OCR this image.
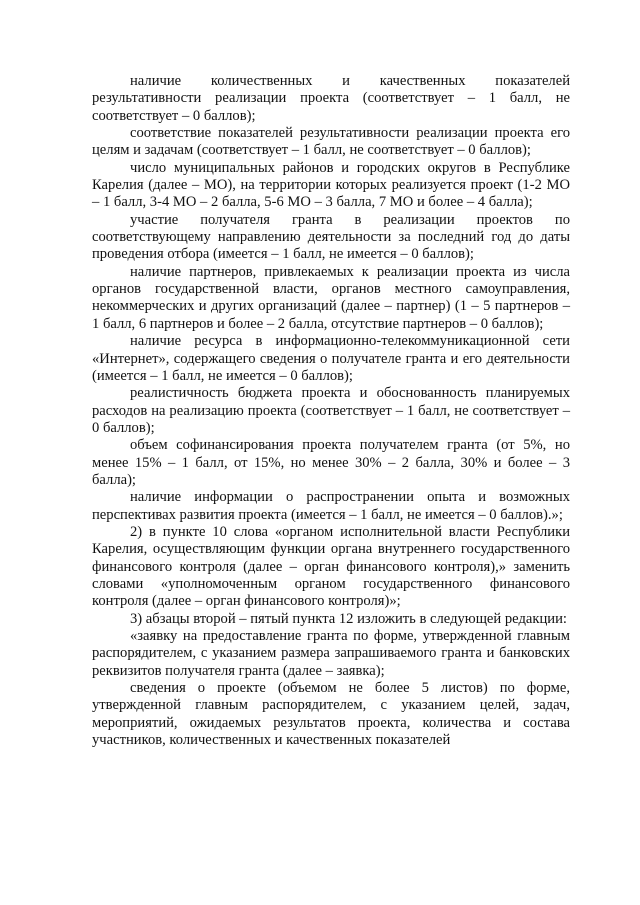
наличие количественных и качественных показателей результативности реализации проекта (соответствует – 1 балл, не соответствует – 0 баллов);

соответствие показателей результативности реализации проекта его целям и задачам (соответствует – 1 балл, не соответствует – 0 баллов);

число муниципальных районов и городских округов в Республике Карелия (далее – МО), на территории которых реализуется проект (1-2 МО – 1 балл, 3-4 МО – 2 балла, 5-6 МО – 3 балла, 7 МО и более – 4 балла);

участие получателя гранта в реализации проектов по соответствующему направлению деятельности за последний год до даты проведения отбора (имеется – 1 балл, не имеется – 0 баллов);

наличие партнеров, привлекаемых к реализации проекта из числа органов государственной власти, органов местного самоуправления, некоммерческих и других организаций (далее – партнер) (1 – 5 партнеров – 1 балл, 6 партнеров и более – 2 балла, отсутствие партнеров – 0 баллов);

наличие ресурса в информационно-телекоммуникационной сети «Интернет», содержащего сведения о получателе гранта и его деятельности (имеется – 1 балл, не имеется – 0 баллов);

реалистичность бюджета проекта и обоснованность планируемых расходов на реализацию проекта (соответствует – 1 балл, не соответствует – 0 баллов);

объем софинансирования проекта получателем гранта (от 5%, но менее 15% – 1 балл, от 15%, но менее 30% – 2 балла, 30% и более – 3 балла);

наличие информации о распространении опыта и возможных перспективах развития проекта (имеется – 1 балл, не имеется – 0 баллов).»;

2) в пункте 10 слова «органом исполнительной власти Республики Карелия, осуществляющим функции органа внутреннего государственного финансового контроля (далее – орган финансового контроля),» заменить словами «уполномоченным органом государственного финансового контроля (далее – орган финансового контроля)»;

3) абзацы второй – пятый пункта 12 изложить в следующей редакции:

«заявку на предоставление гранта по форме, утвержденной главным распорядителем, с указанием размера запрашиваемого гранта и банковских реквизитов получателя гранта (далее – заявка);

сведения о проекте (объемом не более 5 листов) по форме, утвержденной главным распорядителем, с указанием целей, задач, мероприятий, ожидаемых результатов проекта, количества и состава участников, количественных и качественных показателей
